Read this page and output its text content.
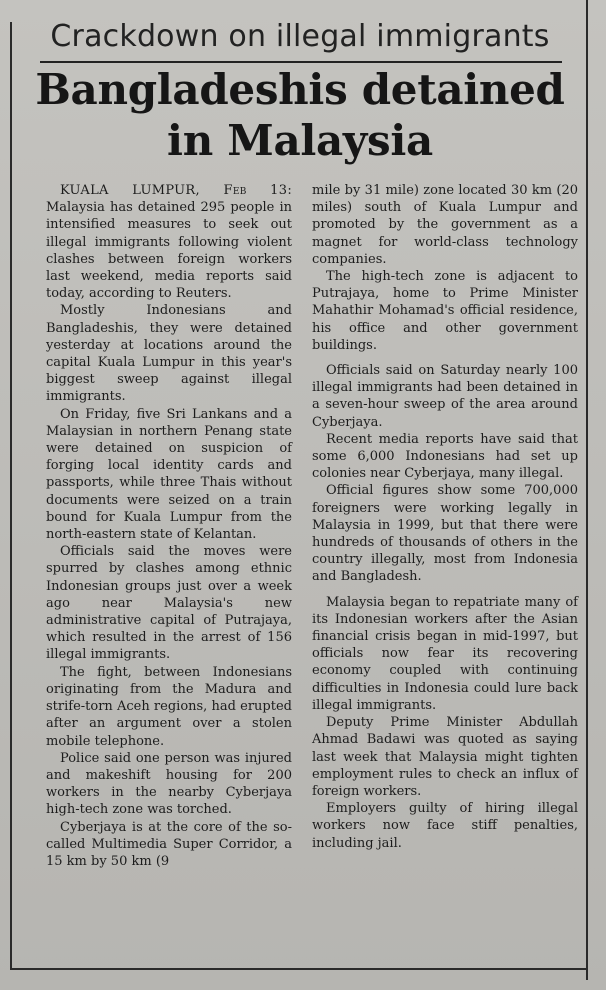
Crackdown on illegal immigrants
Bangladeshis detained
in Malaysia

KUALA LUMPUR, Feb 13: Malaysia has detained 295 people in intensified measures to seek out illegal immigrants following violent clashes between foreign workers last weekend, media reports said today, according to Reuters.

Mostly Indonesians and Bangladeshis, they were detained yesterday at locations around the capital Kuala Lumpur in this year's biggest sweep against illegal immigrants.

On Friday, five Sri Lankans and a Malaysian in northern Penang state were detained on suspicion of forging local identity cards and passports, while three Thais without documents were seized on a train bound for Kuala Lumpur from the north-eastern state of Kelantan.

Officials said the moves were spurred by clashes among ethnic Indonesian groups just over a week ago near Malaysia's new administrative capital of Putrajaya, which resulted in the arrest of 156 illegal immigrants.

The fight, between Indonesians originating from the Madura and strife-torn Aceh regions, had erupted after an argument over a stolen mobile telephone.

Police said one person was injured and makeshift housing for 200 workers in the nearby Cyberjaya high-tech zone was torched.

Cyberjaya is at the core of the so-called Multimedia Super Corridor, a 15 km by 50 km (9

mile by 31 mile) zone located 30 km (20 miles) south of Kuala Lumpur and promoted by the government as a magnet for world-class technology companies.

The high-tech zone is adjacent to Putrajaya, home to Prime Minister Mahathir Mohamad's official residence, his office and other government buildings.

Officials said on Saturday nearly 100 illegal immigrants had been detained in a seven-hour sweep of the area around Cyberjaya.

Recent media reports have said that some 6,000 Indonesians had set up colonies near Cyberjaya, many illegal.

Official figures show some 700,000 foreigners were working legally in Malaysia in 1999, but that there were hundreds of thousands of others in the country illegally, most from Indonesia and Bangladesh.

Malaysia began to repatriate many of its Indonesian workers after the Asian financial crisis began in mid-1997, but officials now fear its recovering economy coupled with continuing difficulties in Indonesia could lure back illegal immigrants.

Deputy Prime Minister Abdullah Ahmad Badawi was quoted as saying last week that Malaysia might tighten employment rules to check an influx of foreign workers.

Employers guilty of hiring illegal workers now face stiff penalties, including jail.
